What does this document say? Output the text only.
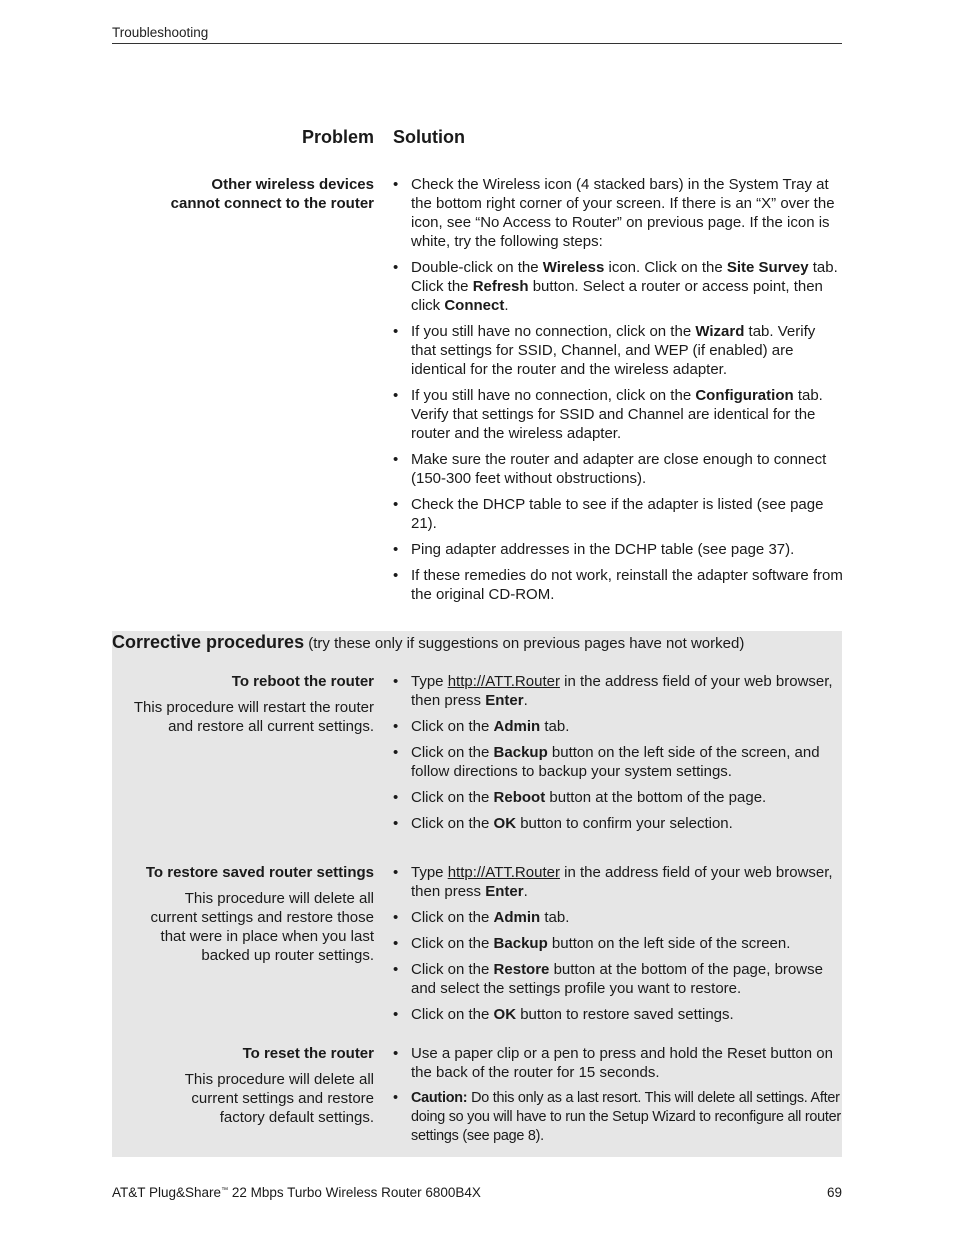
Troubleshooting
Problem Solution
Other wireless devices
cannot connect to the router
• Check the Wireless icon (4 stacked bars) in the System Tray at the bottom right corner of your screen. If there is an “X” over the icon, see “No Access to Router” on previous page. If the icon is white, try the following steps:
• Double-click on the Wireless icon. Click on the Site Survey tab. Click the Refresh button. Select a router or access point, then click Connect.
• If you still have no connection, click on the Wizard tab. Verify that settings for SSID, Channel, and WEP (if enabled) are identical for the router and the wireless adapter.
• If you still have no connection, click on the Configuration tab. Verify that settings for SSID and Channel are identical for the router and the wireless adapter.
• Make sure the router and adapter are close enough to connect (150-300 feet without obstructions).
• Check the DHCP table to see if the adapter is listed (see page 21).
• Ping adapter addresses in the DCHP table (see page 37).
• If these remedies do not work, reinstall the adapter software from the original CD-ROM.
Corrective procedures (try these only if suggestions on previous pages have not worked)
To reboot the router
This procedure will restart the router
and restore all current settings.
• Type http://ATT.Router in the address field of your web browser, then press Enter.
• Click on the Admin tab.
• Click on the Backup button on the left side of the screen, and follow directions to backup your system settings.
• Click on the Reboot button at the bottom of the page.
• Click on the OK button to confirm your selection.
To restore saved router settings
This procedure will delete all
current settings and restore those
that were in place when you last
backed up router settings.
• Type http://ATT.Router in the address field of your web browser, then press Enter.
• Click on the Admin tab.
• Click on the Backup button on the left side of the screen.
• Click on the Restore button at the bottom of the page, browse and select the settings profile you want to restore.
• Click on the OK button to restore saved settings.
To reset the router
This procedure will delete all
current settings and restore
factory default settings.
• Use a paper clip or a pen to press and hold the Reset button on the back of the router for 15 seconds.
• Caution: Do this only as a last resort. This will delete all settings. After doing so you will have to run the Setup Wizard to reconfigure all router settings (see page 8).
AT&T Plug&Share™ 22 Mbps Turbo Wireless Router 6800B4X	69
